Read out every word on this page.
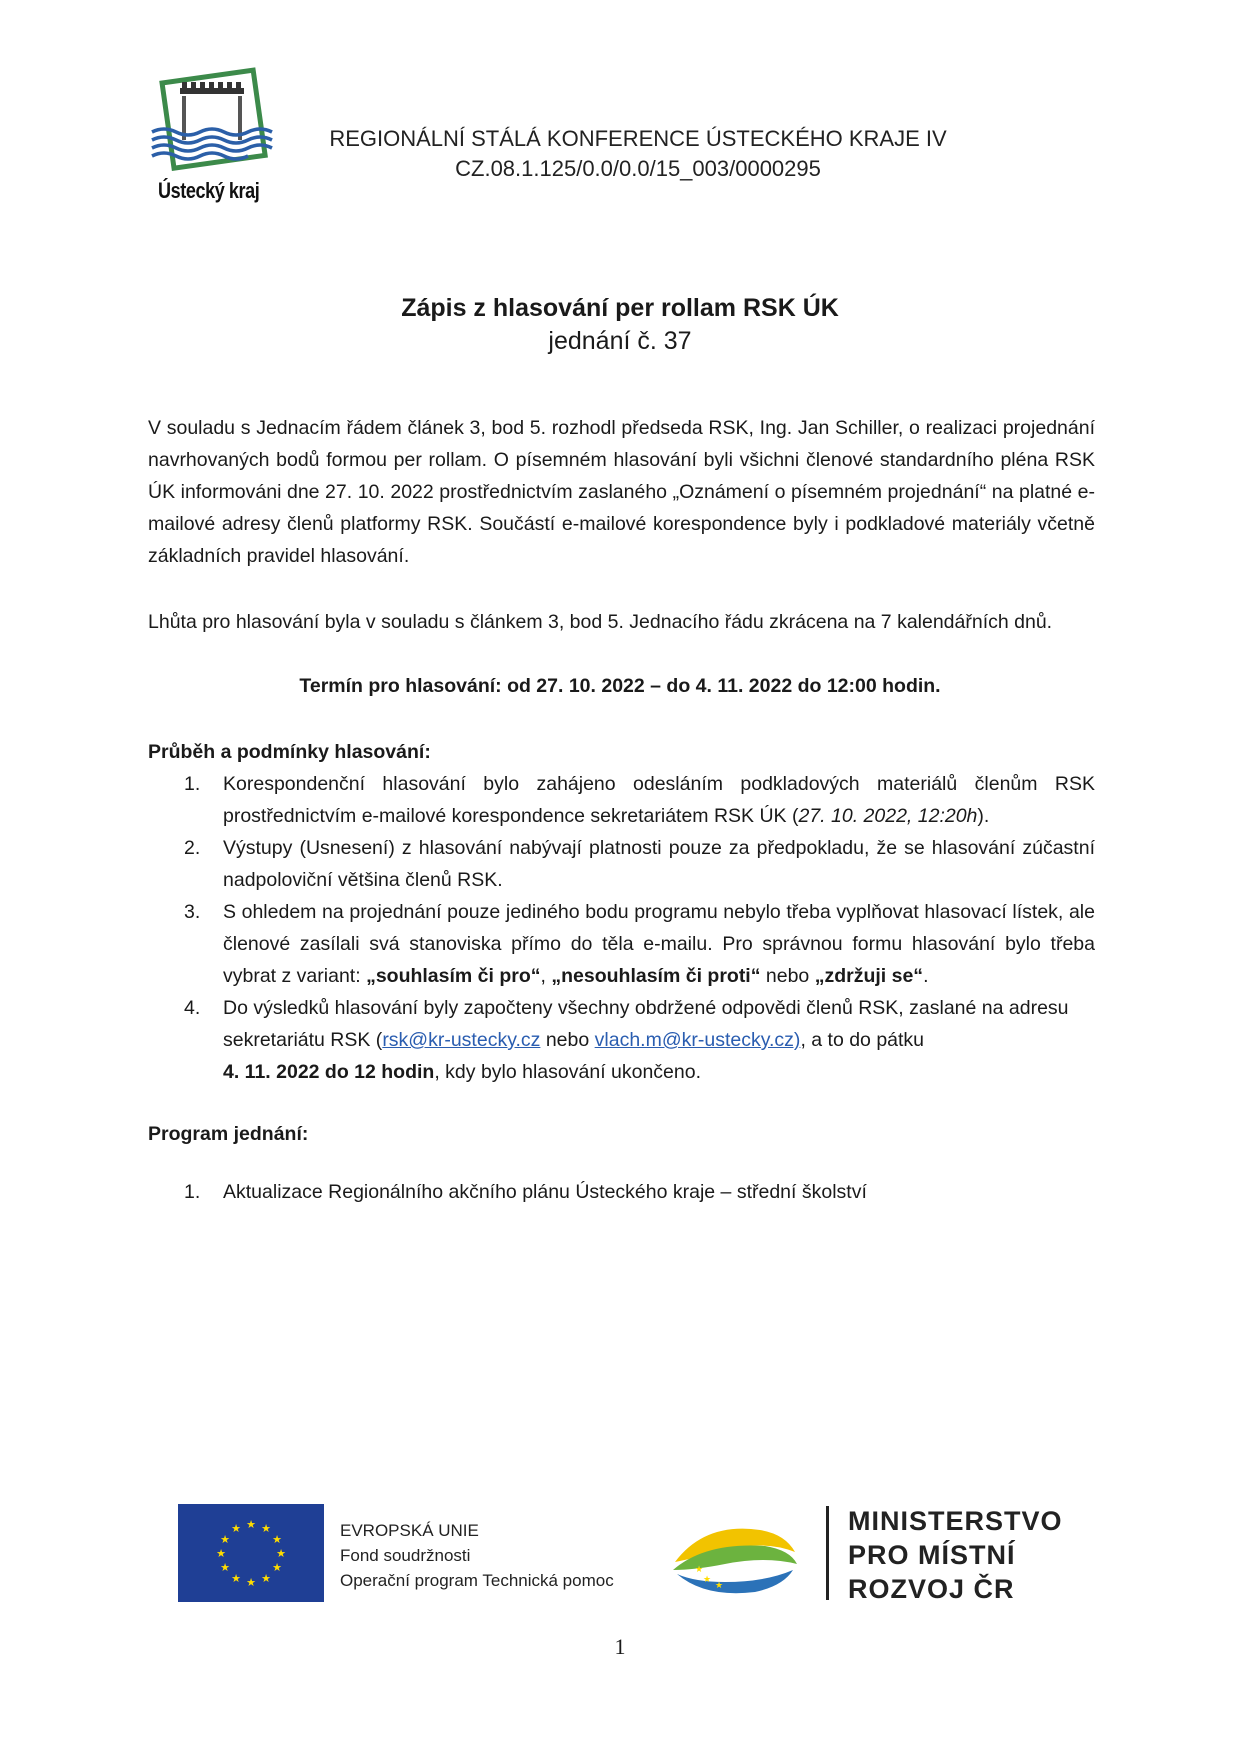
Ústecký kraj
REGIONÁLNÍ STÁLÁ KONFERENCE ÚSTECKÉHO KRAJE IV
CZ.08.1.125/0.0/0.0/15_003/0000295
Zápis z hlasování per rollam RSK ÚK
jednání č. 37
V souladu s Jednacím řádem článek 3, bod 5. rozhodl předseda RSK, Ing. Jan Schiller, o realizaci projednání navrhovaných bodů formou per rollam. O písemném hlasování byli všichni členové standardního pléna RSK ÚK informováni dne 27. 10. 2022 prostřednictvím zaslaného „Oznámení o písemném projednání“ na platné e-mailové adresy členů platformy RSK. Součástí e-mailové korespondence byly i podkladové materiály včetně základních pravidel hlasování.
Lhůta pro hlasování byla v souladu s článkem 3, bod 5. Jednacího řádu zkrácena na 7 kalendářních dnů.
Termín pro hlasování: od 27. 10. 2022 – do 4. 11. 2022 do 12:00 hodin.
Průběh a podmínky hlasování:
1. Korespondenční hlasování bylo zahájeno odesláním podkladových materiálů členům RSK prostřednictvím e-mailové korespondence sekretariátem RSK ÚK (27. 10. 2022, 12:20h).
2. Výstupy (Usnesení) z hlasování nabývají platnosti pouze za předpokladu, že se hlasování zúčastní nadpoloviční většina členů RSK.
3. S ohledem na projednání pouze jediného bodu programu nebylo třeba vyplňovat hlasovací lístek, ale členové zasílali svá stanoviska přímo do těla e-mailu. Pro správnou formu hlasování bylo třeba vybrat z variant: „souhlasím či pro“, „nesouhlasím či proti“ nebo „zdržuji se“.
4. Do výsledků hlasování byly započteny všechny obdržené odpovědi členů RSK, zaslané na adresu sekretariátu RSK (rsk@kr-ustecky.cz nebo vlach.m@kr-ustecky.cz), a to do pátku
4. 11. 2022 do 12 hodin, kdy bylo hlasování ukončeno.
Program jednání:
1. Aktualizace Regionálního akčního plánu Ústeckého kraje – střední školství
★ ★
★
★
★
★
★
★
★
★
★
★	EVROPSKÁ UNIE
Fond soudržnosti
Operační program Technická pomoc	★
★
★
MINISTERSTVO
PRO MÍSTNÍ
ROZVOJ ČR
1
